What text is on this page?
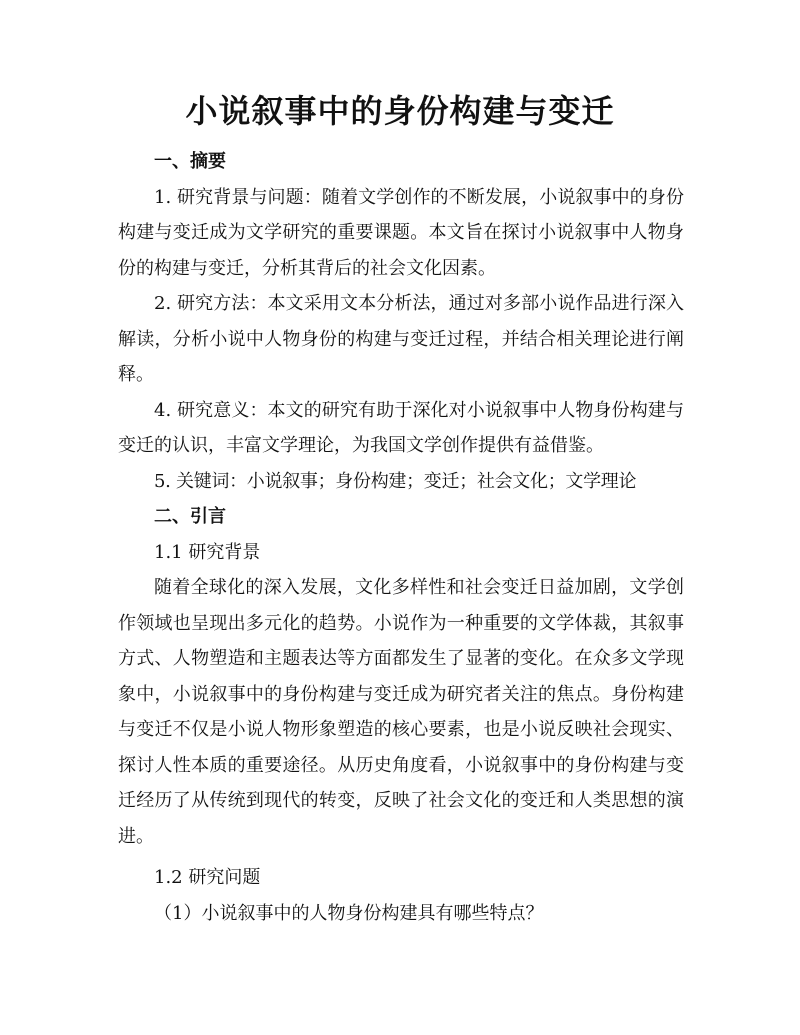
小说叙事中的身份构建与变迁

一、摘要

1. 研究背景与问题：随着文学创作的不断发展，小说叙事中的身份构建与变迁成为文学研究的重要课题。本文旨在探讨小说叙事中人物身份的构建与变迁，分析其背后的社会文化因素。

2. 研究方法：本文采用文本分析法，通过对多部小说作品进行深入解读，分析小说中人物身份的构建与变迁过程，并结合相关理论进行阐释。

4. 研究意义：本文的研究有助于深化对小说叙事中人物身份构建与变迁的认识，丰富文学理论，为我国文学创作提供有益借鉴。

5. 关键词：小说叙事；身份构建；变迁；社会文化；文学理论

二、引言

1.1 研究背景

随着全球化的深入发展，文化多样性和社会变迁日益加剧，文学创作领域也呈现出多元化的趋势。小说作为一种重要的文学体裁，其叙事方式、人物塑造和主题表达等方面都发生了显著的变化。在众多文学现象中，小说叙事中的身份构建与变迁成为研究者关注的焦点。身份构建与变迁不仅是小说人物形象塑造的核心要素，也是小说反映社会现实、探讨人性本质的重要途径。从历史角度看，小说叙事中的身份构建与变迁经历了从传统到现代的转变，反映了社会文化的变迁和人类思想的演进。

1.2 研究问题

（1）小说叙事中的人物身份构建具有哪些特点？
